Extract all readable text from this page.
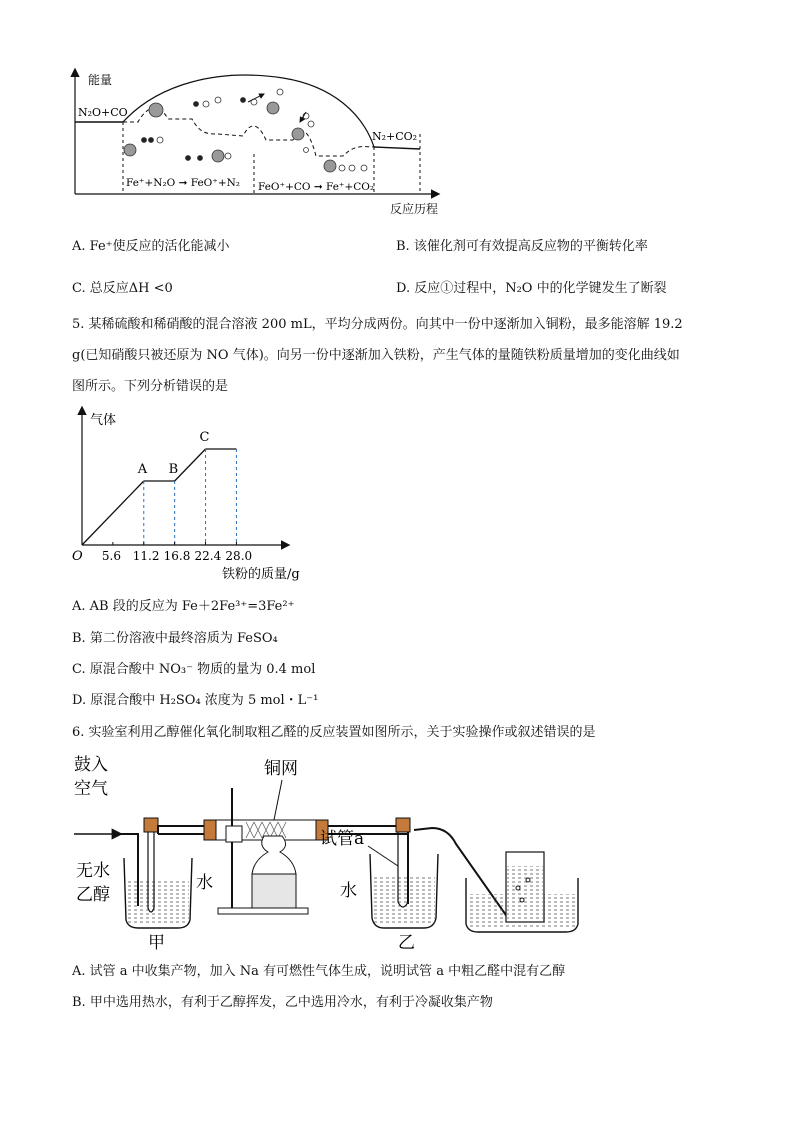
能量
N₂O+CO
N₂+CO₂
Fe⁺+N₂O ➞ FeO⁺+N₂ FeO⁺+CO ➞ Fe⁺+CO₂
反应历程
A. Fe⁺使反应的活化能减小	B. 该催化剂可有效提高反应物的平衡转化率
C. 总反应ΔH <0	D. 反应①过程中，N₂O 中的化学键发生了断裂
5. 某稀硫酸和稀硝酸的混合溶液 200 mL，平均分成两份。向其中一份中逐渐加入铜粉，最多能溶解 19.2
g(已知硝酸只被还原为 NO 气体)。向另一份中逐渐加入铁粉，产生气体的量随铁粉质量增加的变化曲线如
图所示。下列分析错误的是
A B
C
5.6 11.2 16.8 22.4 28.0
气体
O
铁粉的质量/g
A. AB 段的反应为 Fe＋2Fe³⁺=3Fe²⁺
B. 第二份溶液中最终溶质为 FeSO₄
C. 原混合酸中 NO₃⁻ 物质的量为 0.4 mol
D. 原混合酸中 H₂SO₄ 浓度为 5 mol・L⁻¹
6. 实验室利用乙醇催化氧化制取粗乙醛的反应装置如图所示，关于实验操作或叙述错误的是
鼓入
空气
铜网
无水
乙醇
水
试管a
水
甲	乙
A. 试管 a 中收集产物，加入 Na 有可燃性气体生成，说明试管 a 中粗乙醛中混有乙醇
B. 甲中选用热水，有利于乙醇挥发，乙中选用冷水，有利于冷凝收集产物
